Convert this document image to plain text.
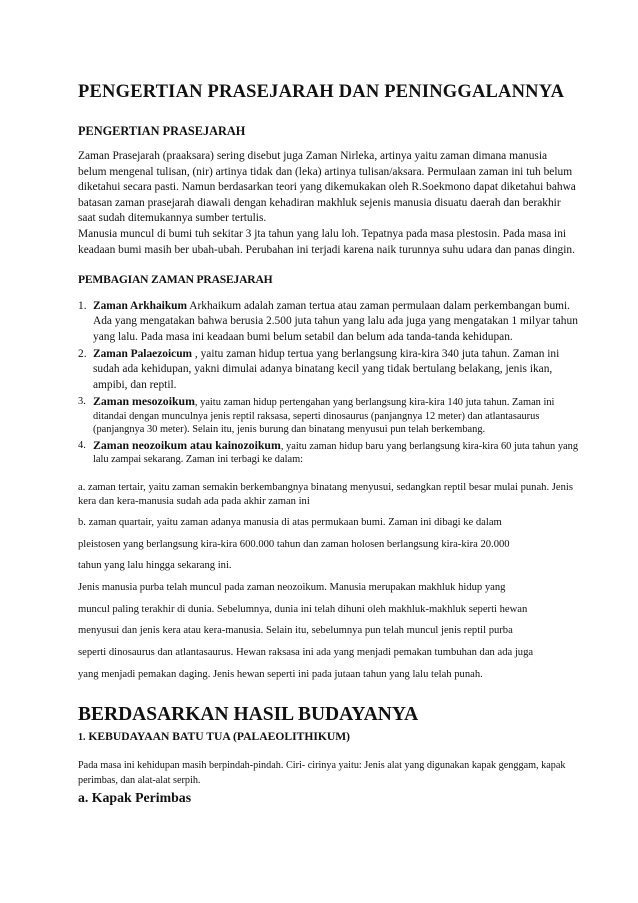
PENGERTIAN PRASEJARAH DAN PENINGGALANNYA
PENGERTIAN PRASEJARAH

Zaman Prasejarah (praaksara) sering disebut juga Zaman Nirleka, artinya yaitu zaman dimana manusia belum mengenal tulisan, (nir) artinya tidak dan (leka) artinya tulisan/aksara. Permulaan zaman ini tuh belum diketahui secara pasti. Namun berdasarkan teori yang dikemukakan oleh R.Soekmono dapat diketahui bahwa batasan zaman prasejarah diawali dengan kehadiran makhluk sejenis manusia disuatu daerah dan berakhir saat sudah ditemukannya sumber tertulis.

Manusia muncul di bumi tuh sekitar 3 jta tahun yang lalu loh. Tepatnya pada masa plestosin. Pada masa ini keadaan bumi masih ber ubah-ubah. Perubahan ini terjadi karena naik turunnya suhu udara dan panas dingin.

PEMBAGIAN ZAMAN PRASEJARAH
1. Zaman Arkhaikum Arkhaikum adalah zaman tertua atau zaman permulaan dalam perkembangan bumi. Ada yang mengatakan bahwa berusia 2.500 juta tahun yang lalu ada juga yang mengatakan 1 milyar tahun yang lalu. Pada masa ini keadaan bumi belum setabil dan belum ada tanda-tanda kehidupan.
2. Zaman Palaezoicum , yaitu zaman hidup tertua yang berlangsung kira-kira 340 juta tahun. Zaman ini sudah ada kehidupan, yakni dimulai adanya binatang kecil yang tidak bertulang belakang, jenis ikan, ampibi, dan reptil.
3. Zaman mesozoikum, yaitu zaman hidup pertengahan yang berlangsung kira-kira 140 juta tahun. Zaman ini ditandai dengan munculnya jenis reptil raksasa, seperti dinosaurus (panjangnya 12 meter) dan atlantasaurus (panjangnya 30 meter). Selain itu, jenis burung dan binatang menyusui pun telah berkembang.
4. Zaman neozoikum atau kainozoikum, yaitu zaman hidup baru yang berlangsung kira-kira 60 juta tahun yang lalu zampai sekarang. Zaman ini terbagi ke dalam:

a. zaman tertair, yaitu zaman semakin berkembangnya binatang menyusui, sedangkan reptil besar mulai punah. Jenis kera dan kera-manusia sudah ada pada akhir zaman ini

b. zaman quartair, yaitu zaman adanya manusia di atas permukaan bumi. Zaman ini dibagi ke dalam

pleistosen yang berlangsung kira-kira 600.000 tahun dan zaman holosen berlangsung kira-kira 20.000

tahun yang lalu hingga sekarang ini.

Jenis manusia purba telah muncul pada zaman neozoikum. Manusia merupakan makhluk hidup yang

muncul paling terakhir di dunia. Sebelumnya, dunia ini telah dihuni oleh makhluk-makhluk seperti hewan

menyusui dan jenis kera atau kera-manusia. Selain itu, sebelumnya pun telah muncul jenis reptil purba

seperti dinosaurus dan atlantasaurus. Hewan raksasa ini ada yang menjadi pemakan tumbuhan dan ada juga

yang menjadi pemakan daging. Jenis hewan seperti ini pada jutaan tahun yang lalu telah punah.

BERDASARKAN HASIL BUDAYANYA
1. KEBUDAYAAN BATU TUA (PALAEOLITHIKUM)

Pada masa ini kehidupan masih berpindah-pindah. Ciri- cirinya yaitu: Jenis alat yang digunakan kapak genggam, kapak perimbas, dan alat-alat serpih.

a. Kapak Perimbas
